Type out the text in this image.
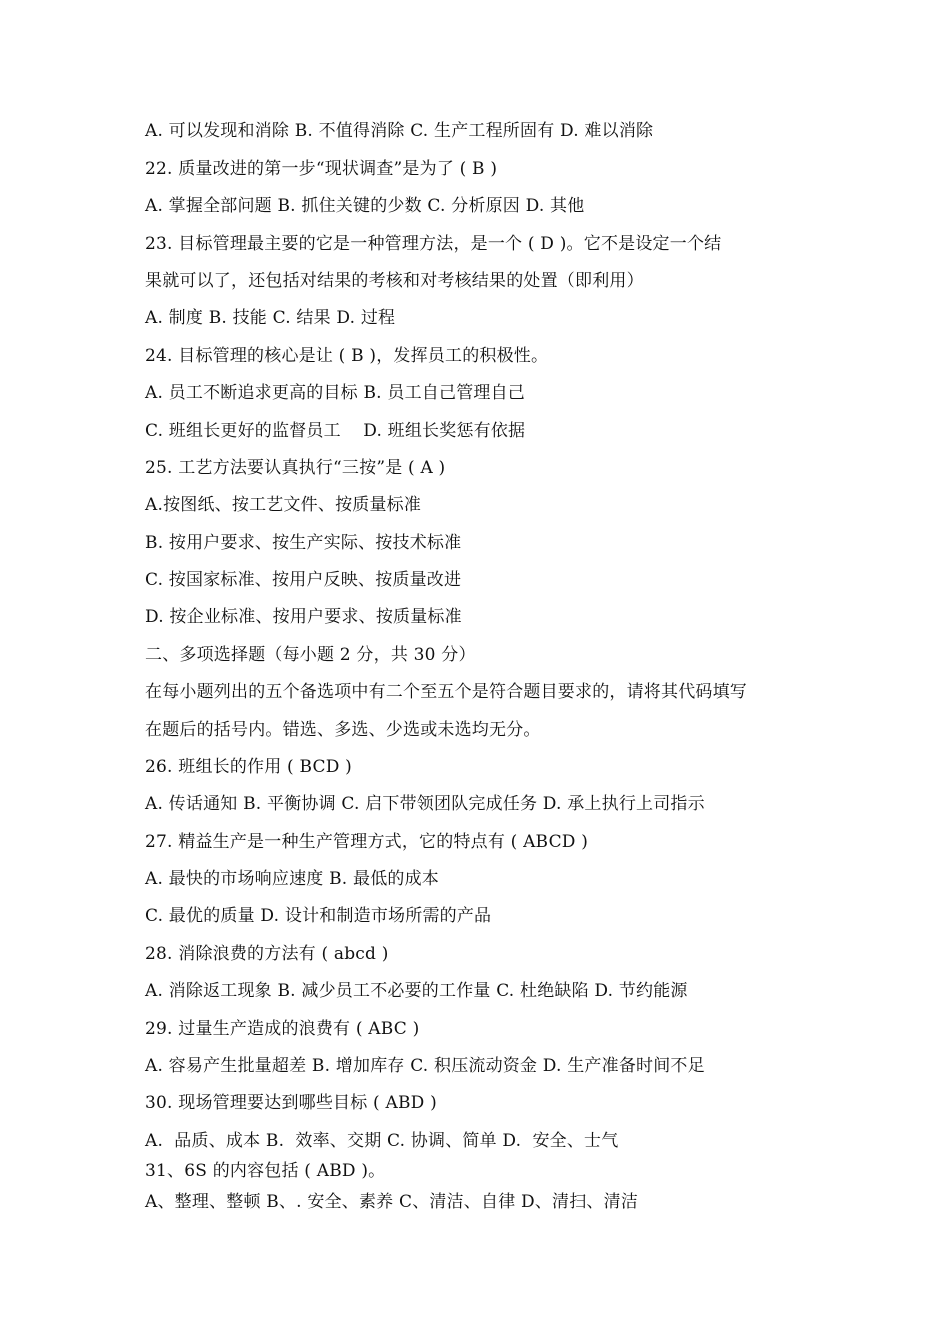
A. 可以发现和消除 B. 不值得消除 C. 生产工程所固有 D. 难以消除
22. 质量改进的第一步“现状调查”是为了 ( B )
A. 掌握全部问题 B. 抓住关键的少数 C. 分析原因 D. 其他
23. 目标管理最主要的它是一种管理方法，是一个 ( D )。它不是设定一个结
果就可以了，还包括对结果的考核和对考核结果的处置（即利用）
A. 制度 B. 技能 C. 结果 D. 过程
24. 目标管理的核心是让 ( B )，发挥员工的积极性。
A. 员工不断追求更高的目标 B. 员工自己管理自己
C. 班组长更好的监督员工    D. 班组长奖惩有依据
25. 工艺方法要认真执行“三按”是 ( A )
A.按图纸、按工艺文件、按质量标准
B. 按用户要求、按生产实际、按技术标准
C. 按国家标准、按用户反映、按质量改进
D. 按企业标准、按用户要求、按质量标准
二、多项选择题（每小题 2 分，共 30 分）
在每小题列出的五个备选项中有二个至五个是符合题目要求的，请将其代码填写
在题后的括号内。错选、多选、少选或未选均无分。
26. 班组长的作用 ( BCD )
A. 传话通知 B. 平衡协调 C. 启下带领团队完成任务 D. 承上执行上司指示
27. 精益生产是一种生产管理方式，它的特点有 ( ABCD )
A. 最快的市场响应速度 B. 最低的成本
C. 最优的质量 D. 设计和制造市场所需的产品
28. 消除浪费的方法有 ( abcd )
A. 消除返工现象 B. 减少员工不必要的工作量 C. 杜绝缺陷 D. 节约能源
29. 过量生产造成的浪费有 ( ABC )
A. 容易产生批量超差 B. 增加库存 C. 积压流动资金 D. 生产准备时间不足
30. 现场管理要达到哪些目标 ( ABD )
A.  品质、成本 B.  效率、交期 C. 协调、简单 D.  安全、士气
31、6S 的内容包括 ( ABD )。
A、整理、整顿 B、. 安全、素养 C、清洁、自律 D、清扫、清洁
